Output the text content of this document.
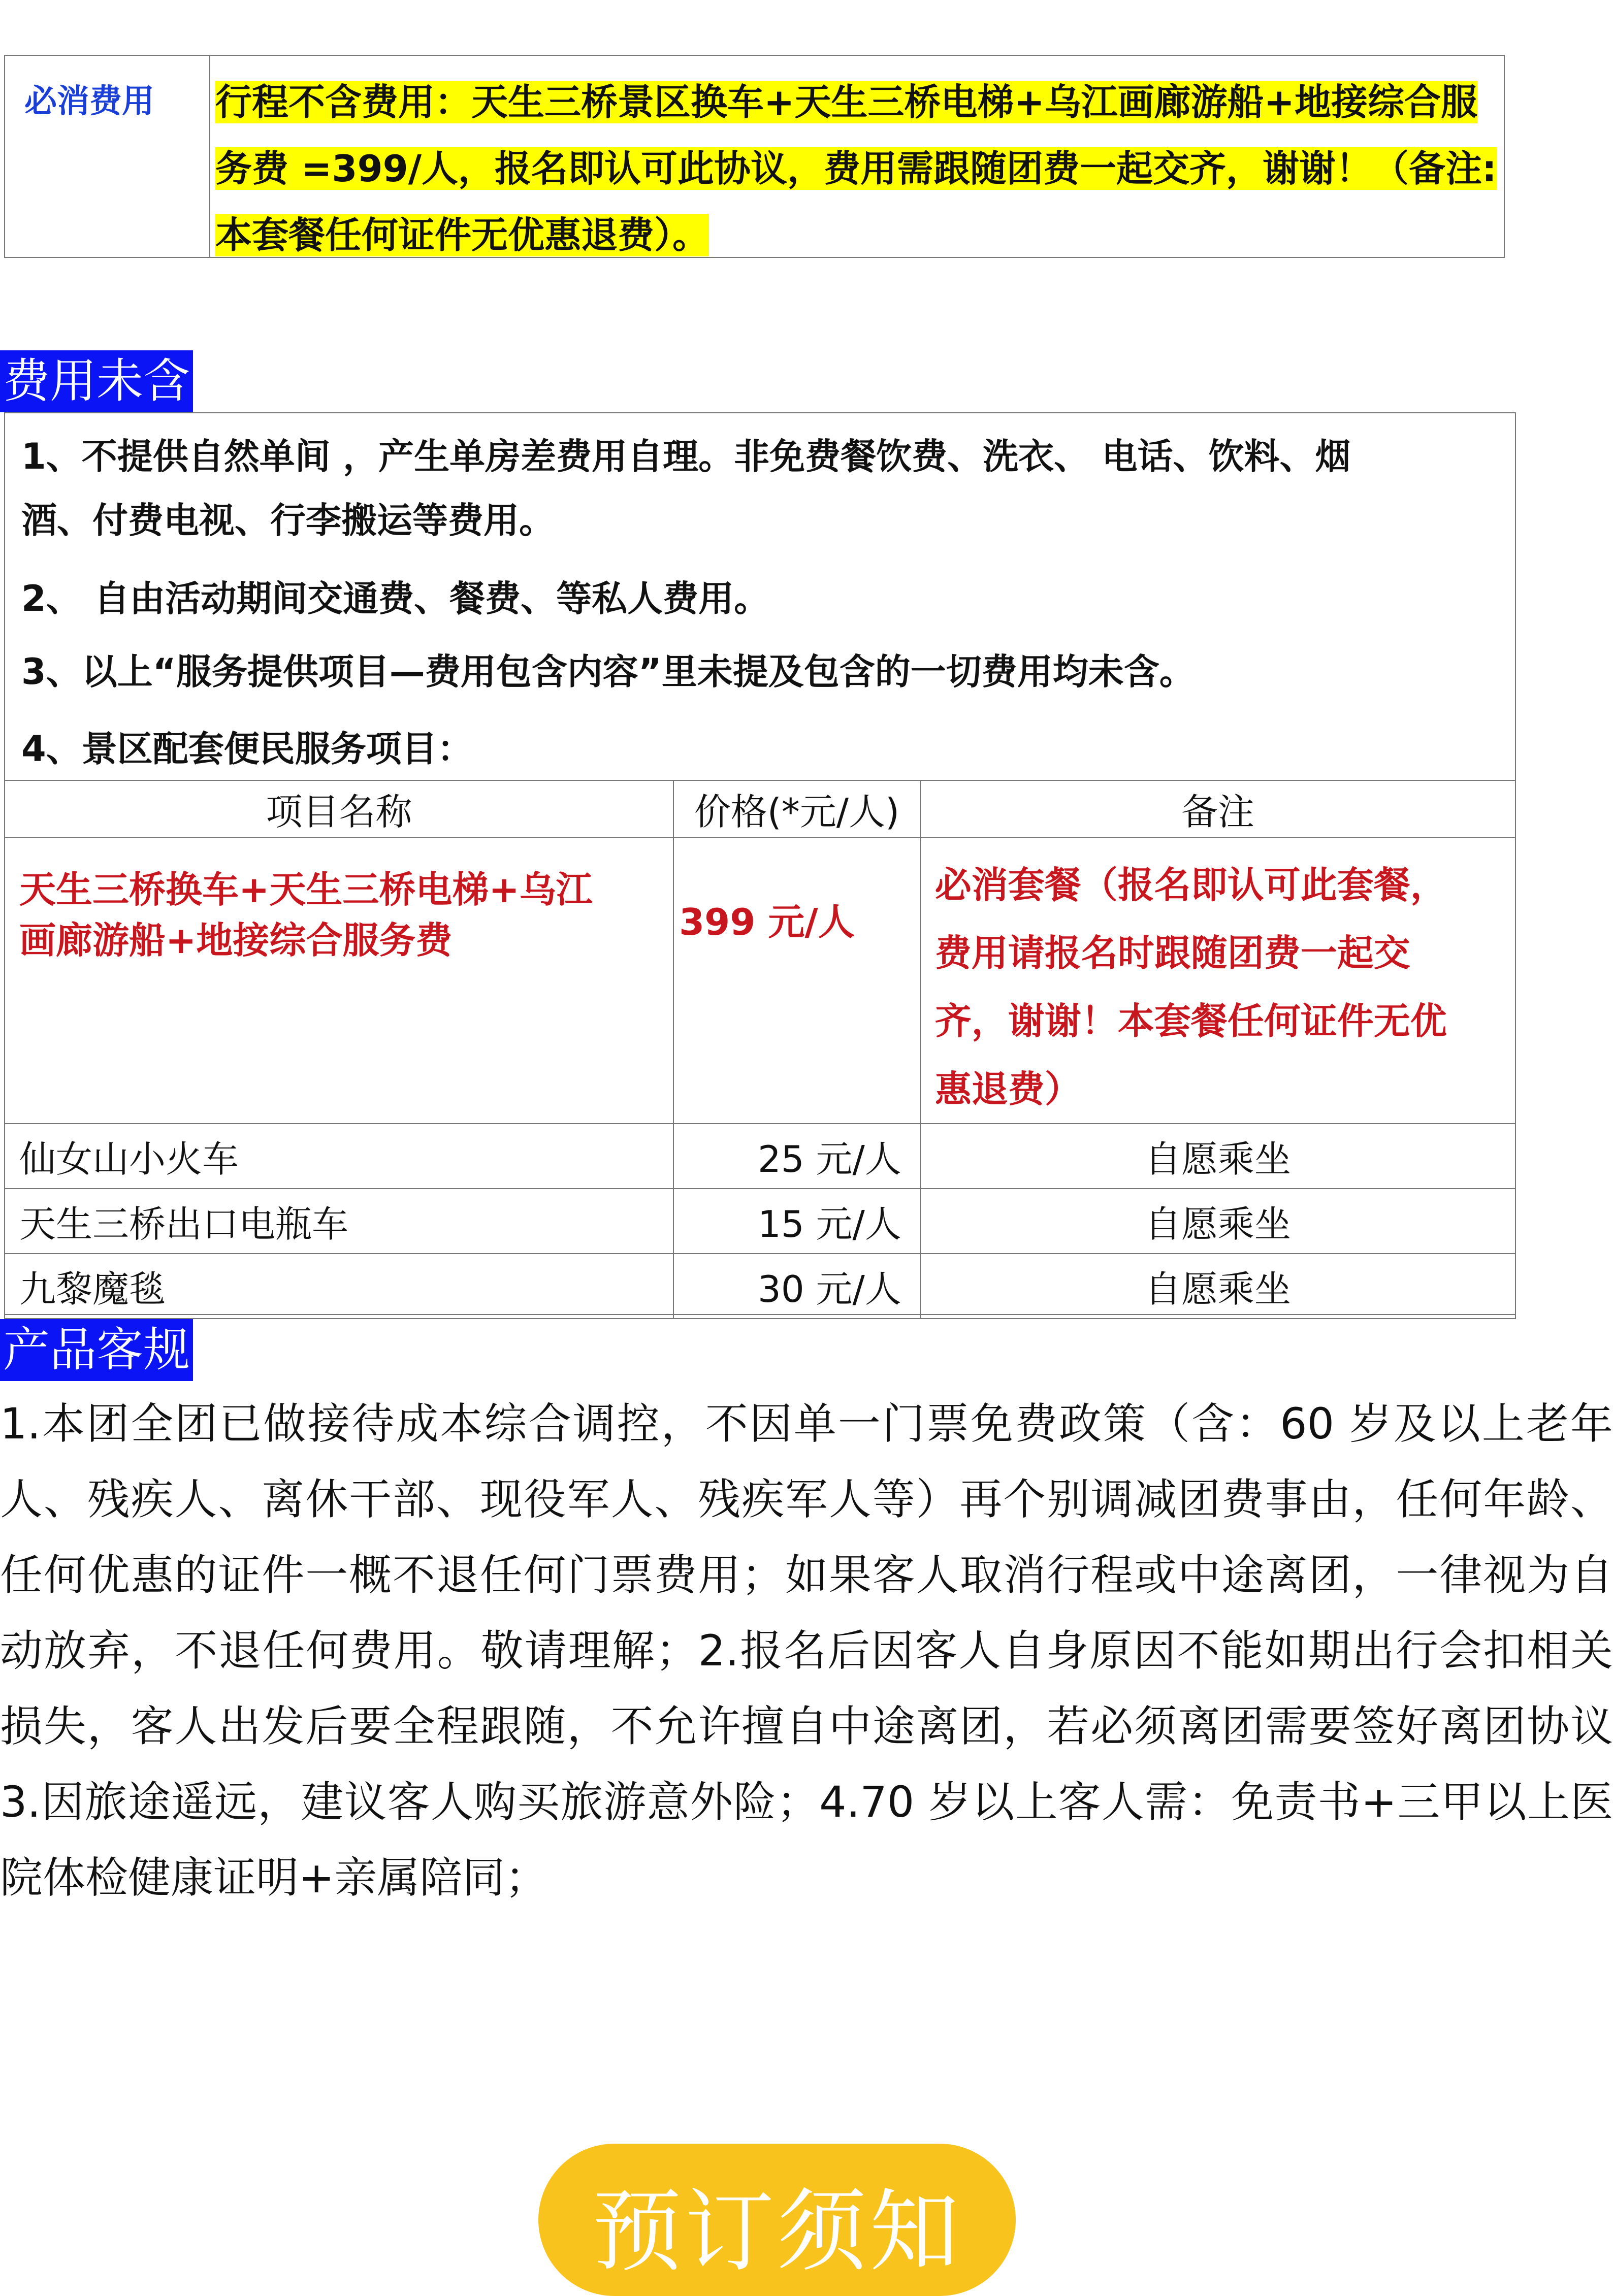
必消费用 行程不含费用：天生三桥景区换车+天生三桥电梯+乌江画廊游船+地接综合服
务费 =399/人，报名即认可此协议，费用需跟随团费一起交齐，谢谢！（备注:
本套餐任何证件无优惠退费）。
费用未含
1、不提供自然单间 ，产生单房差费用自理。非免费餐饮费、洗衣、 电话、饮料、烟
酒、付费电视、行李搬运等费用。
2、 自由活动期间交通费、餐费、等私人费用。
3、以上“服务提供项目—费用包含内容”里未提及包含的一切费用均未含。
4、景区配套便民服务项目：
项目名称	价格(*元/人)	备注
天生三桥换车+天生三桥电梯+乌江
画廊游船+地接综合服务费	399 元/人	必消套餐（报名即认可此套餐，
费用请报名时跟随团费一起交
齐，谢谢！本套餐任何证件无优
惠退费）
仙女山小火车	25 元/人	自愿乘坐
天生三桥出口电瓶车	15 元/人	自愿乘坐
九黎魔毯	30 元/人	自愿乘坐
产品客规
1.本团全团已做接待成本综合调控，不因单一门票免费政策（含：60 岁及以上老年人、残疾人、离休干部、现役军人、残疾军人等）再个别调减团费事由，任何年龄、任何优惠的证件一概不退任何门票费用；如果客人取消行程或中途离团，一律视为自动放弃，不退任何费用。敬请理解；2.报名后因客人自身原因不能如期出行会扣相关损失，客人出发后要全程跟随，不允许擅自中途离团，若必须离团需要签好离团协议 3.因旅途遥远，建议客人购买旅游意外险；4.70 岁以上客人需：免责书+三甲以上医院体检健康证明+亲属陪同；
预订须知
